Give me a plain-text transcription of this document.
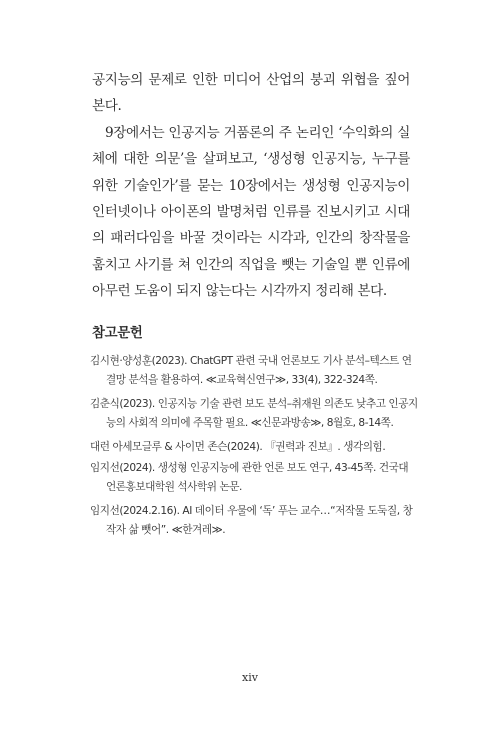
공지능의 문제로 인한 미디어 산업의 붕괴 위협을 짚어본다.

9장에서는 인공지능 거품론의 주 논리인 ‘수익화의 실체에 대한 의문’을 살펴보고, ‘생성형 인공지능, 누구를 위한 기술인가’를 묻는 10장에서는 생성형 인공지능이 인터넷이나 아이폰의 발명처럼 인류를 진보시키고 시대의 패러다임을 바꿀 것이라는 시각과, 인간의 창작물을 훔치고 사기를 쳐 인간의 직업을 뺏는 기술일 뿐 인류에 아무런 도움이 되지 않는다는 시각까지 정리해 본다.

참고문헌

김시현·양성훈(2023). ChatGPT 관련 국내 언론보도 기사 분석–텍스트 연결망 분석을 활용하여. ≪교육혁신연구≫, 33(4), 322-324쪽.

김춘식(2023). 인공지능 기술 관련 보도 분석–취재원 의존도 낮추고 인공지능의 사회적 의미에 주목할 필요. ≪신문과방송≫, 8월호, 8-14쪽.

대런 아세모글루 & 사이먼 존슨(2024). 『권력과 진보』. 생각의힘.

임지선(2024). 생성형 인공지능에 관한 언론 보도 연구, 43-45쪽. 건국대 언론홍보대학원 석사학위 논문.

임지선(2024.2.16). AI 데이터 우물에 ‘독’ 푸는 교수…“저작물 도둑질, 창작자 삶 뺏어”. ≪한겨레≫.

xiv
